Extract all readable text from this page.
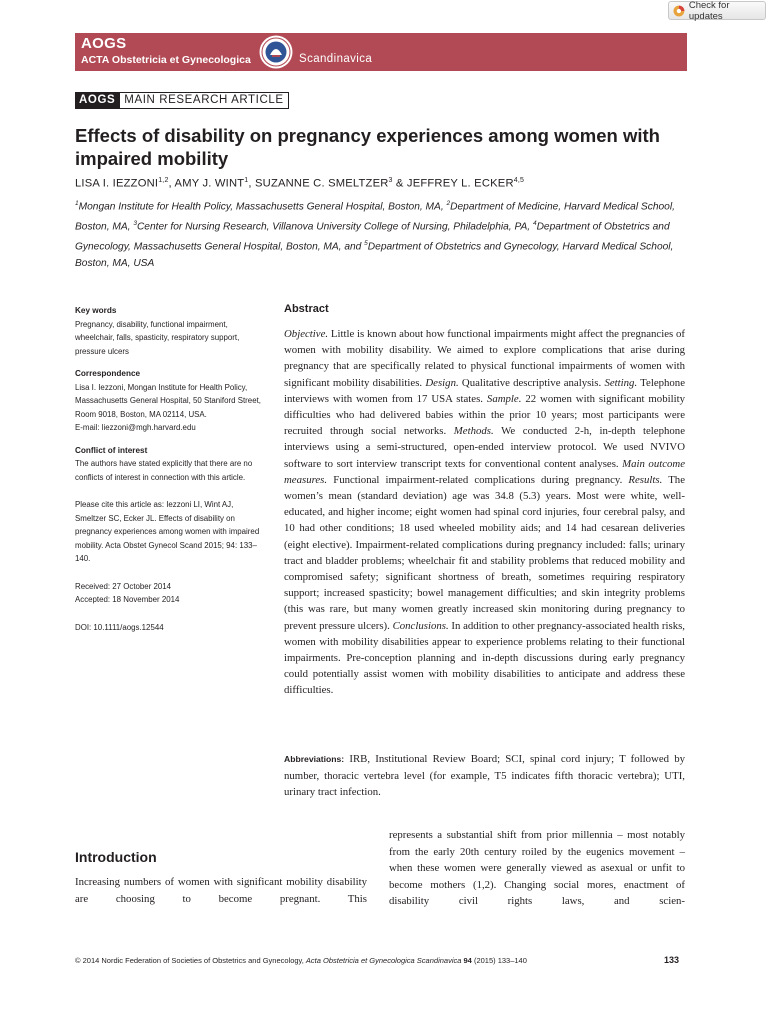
Check for updates
AOGS
ACTA Obstetricia et Gynecologica	Scandinavica
AOGS MAIN RESEARCH ARTICLE
Effects of disability on pregnancy experiences among women with impaired mobility
LISA I. IEZZONI$^{1,2}$, AMY J. WINT$^1$, SUZANNE C. SMELTZER$^3$ & JEFFREY L. ECKER$^{4,5}$
$^1$Mongan Institute for Health Policy, Massachusetts General Hospital, Boston, MA, $^2$Department of Medicine, Harvard Medical School, Boston, MA, $^3$Center for Nursing Research, Villanova University College of Nursing, Philadelphia, PA, $^4$Department of Obstetrics and Gynecology, Massachusetts General Hospital, Boston, MA, and $^5$Department of Obstetrics and Gynecology, Harvard Medical School, Boston, MA, USA
Key words
Pregnancy, disability, functional impairment, wheelchair, falls, spasticity, respiratory support, pressure ulcers
Correspondence
Lisa I. Iezzoni, Mongan Institute for Health Policy, Massachusetts General Hospital, 50 Staniford Street, Room 9018, Boston, MA 02114, USA.
E-mail: liezzoni@mgh.harvard.edu
Conflict of interest
The authors have stated explicitly that there are no conflicts of interest in connection with this article.
Please cite this article as: Iezzoni LI, Wint AJ, Smeltzer SC, Ecker JL. Effects of disability on pregnancy experiences among women with impaired mobility. Acta Obstet Gynecol Scand 2015; 94: 133–140.
Received: 27 October 2014
Accepted: 18 November 2014
DOI: 10.1111/aogs.12544
Abstract

Objective. Little is known about how functional impairments might affect the pregnancies of women with mobility disability. We aimed to explore complications that arise during pregnancy that are specifically related to physical functional impairments of women with significant mobility disabilities. Design. Qualitative descriptive analysis. Setting. Telephone interviews with women from 17 USA states. Sample. 22 women with significant mobility difficulties who had delivered babies within the prior 10 years; most participants were recruited through social networks. Methods. We conducted 2-h, in-depth telephone interviews using a semi-structured, open-ended interview protocol. We used NVIVO software to sort interview transcript texts for conventional content analyses. Main outcome measures. Functional impairment-related complications during pregnancy. Results. The women’s mean (standard deviation) age was 34.8 (5.3) years. Most were white, well-educated, and higher income; eight women had spinal cord injuries, four cerebral palsy, and 10 had other conditions; 18 used wheeled mobility aids; and 14 had cesarean deliveries (eight elective). Impairment-related complications during pregnancy included: falls; urinary tract and bladder problems; wheelchair fit and stability problems that reduced mobility and compromised safety; significant shortness of breath, sometimes requiring respiratory support; increased spasticity; bowel management difficulties; and skin integrity problems (this was rare, but many women greatly increased skin monitoring during pregnancy to prevent pressure ulcers). Conclusions. In addition to other pregnancy-associated health risks, women with mobility disabilities appear to experience problems relating to their functional impairments. Pre-conception planning and in-depth discussions during early pregnancy could potentially assist women with mobility disabilities to anticipate and address these difficulties.

Abbreviations: IRB, Institutional Review Board; SCI, spinal cord injury; T followed by number, thoracic vertebra level (for example, T5 indicates fifth thoracic vertebra); UTI, urinary tract infection.

Introduction

Increasing numbers of women with significant mobility disability are choosing to become pregnant. This

represents a substantial shift from prior millennia – most notably from the early 20th century roiled by the eugenics movement – when these women were generally viewed as asexual or unfit to become mothers (1,2). Changing social mores, enactment of disability civil rights laws, and scien-

© 2014 Nordic Federation of Societies of Obstetrics and Gynecology, Acta Obstetricia et Gynecologica Scandinavica 94 (2015) 133–140	133
